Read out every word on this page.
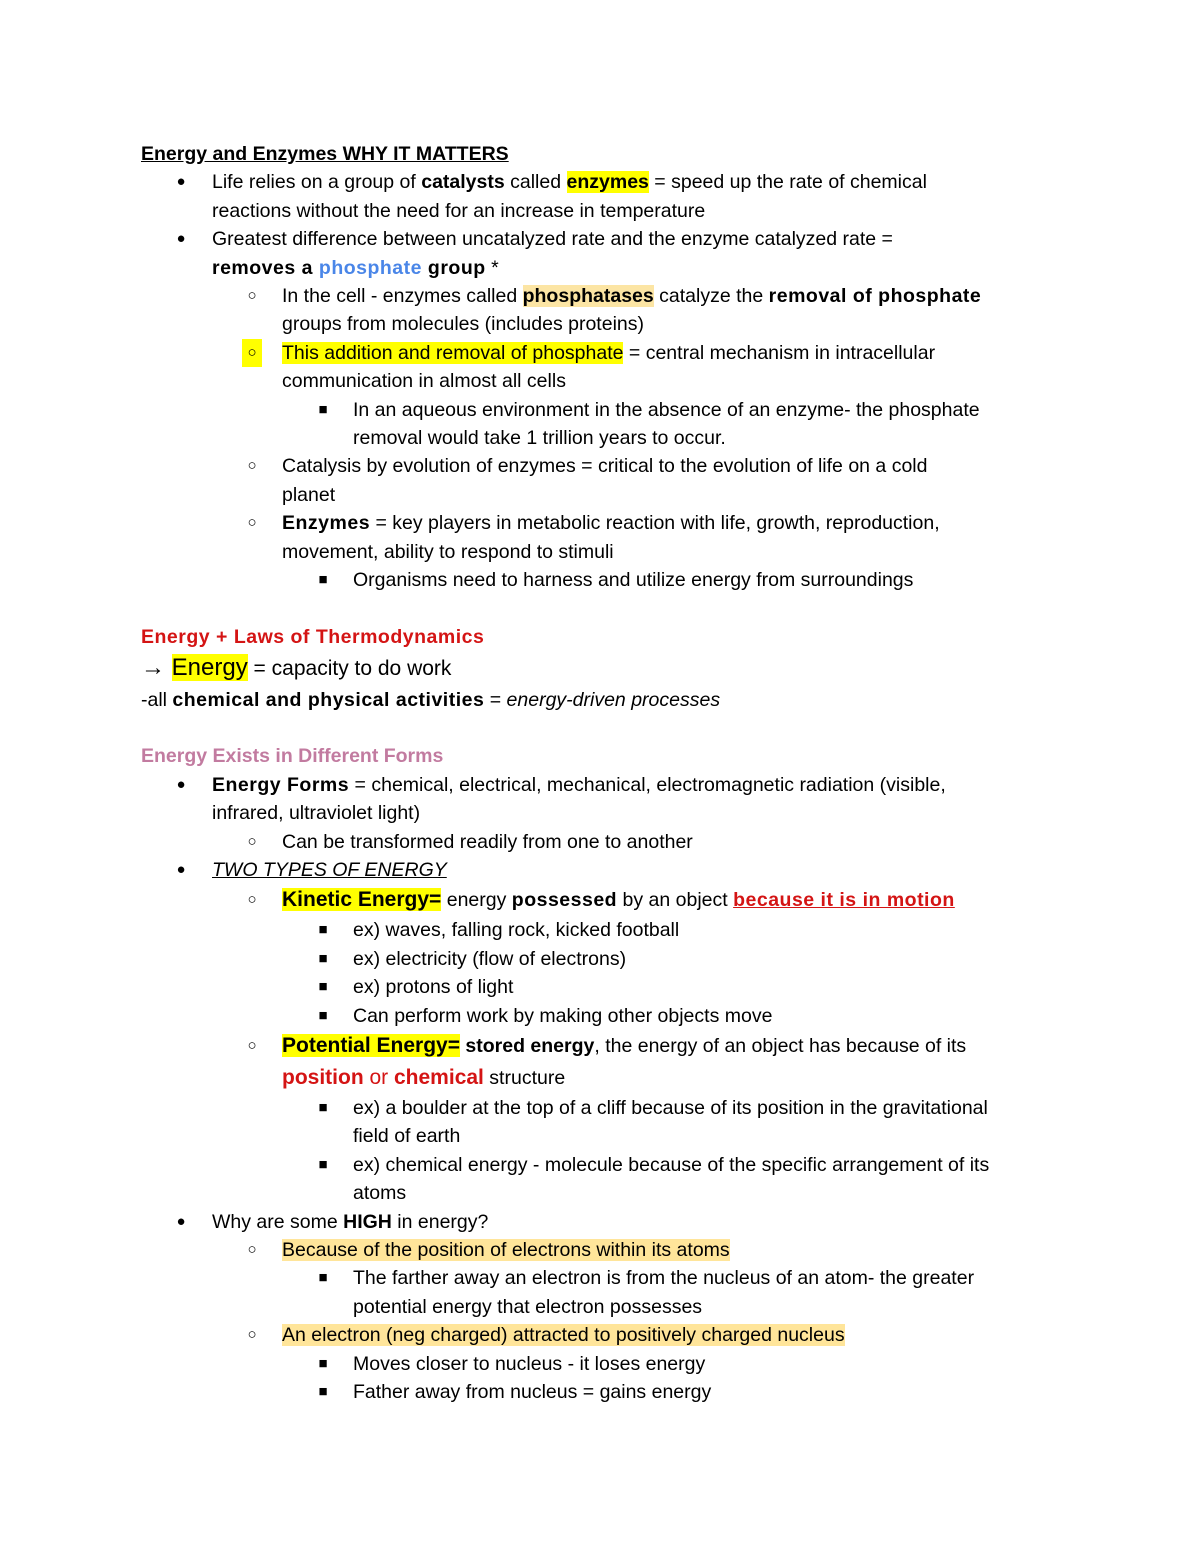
Energy and Enzymes WHY IT MATTERS
● Life relies on a group of catalysts called enzymes = speed up the rate of chemical
reactions without the need for an increase in temperature
● Greatest difference between uncatalyzed rate and the enzyme catalyzed rate =
removes a phosphate group *
○ In the cell - enzymes called phosphatases catalyze the removal of phosphate
groups from molecules (includes proteins)
○ This addition and removal of phosphate = central mechanism in intracellular
communication in almost all cells
■ In an aqueous environment in the absence of an enzyme- the phosphate
removal would take 1 trillion years to occur.
○ Catalysis by evolution of enzymes = critical to the evolution of life on a cold
planet
○ Enzymes = key players in metabolic reaction with life, growth, reproduction,
movement, ability to respond to stimuli
■ Organisms need to harness and utilize energy from surroundings
Energy + Laws of Thermodynamics
→ Energy = capacity to do work
-all chemical and physical activities = energy-driven processes
Energy Exists in Different Forms
● Energy Forms = chemical, electrical, mechanical, electromagnetic radiation (visible,
infrared, ultraviolet light)
○ Can be transformed readily from one to another
● TWO TYPES OF ENERGY
○ Kinetic Energy= energy possessed by an object because it is in motion
■ ex) waves, falling rock, kicked football
■ ex) electricity (flow of electrons)
■ ex) protons of light
■ Can perform work by making other objects move
○ Potential Energy= stored energy, the energy of an object has because of its
position or chemical structure
■ ex) a boulder at the top of a cliff because of its position in the gravitational
field of earth
■ ex) chemical energy - molecule because of the specific arrangement of its
atoms
● Why are some HIGH in energy?
○ Because of the position of electrons within its atoms
■ The farther away an electron is from the nucleus of an atom- the greater
potential energy that electron possesses
○ An electron (neg charged) attracted to positively charged nucleus
■ Moves closer to nucleus - it loses energy
■ Father away from nucleus = gains energy
